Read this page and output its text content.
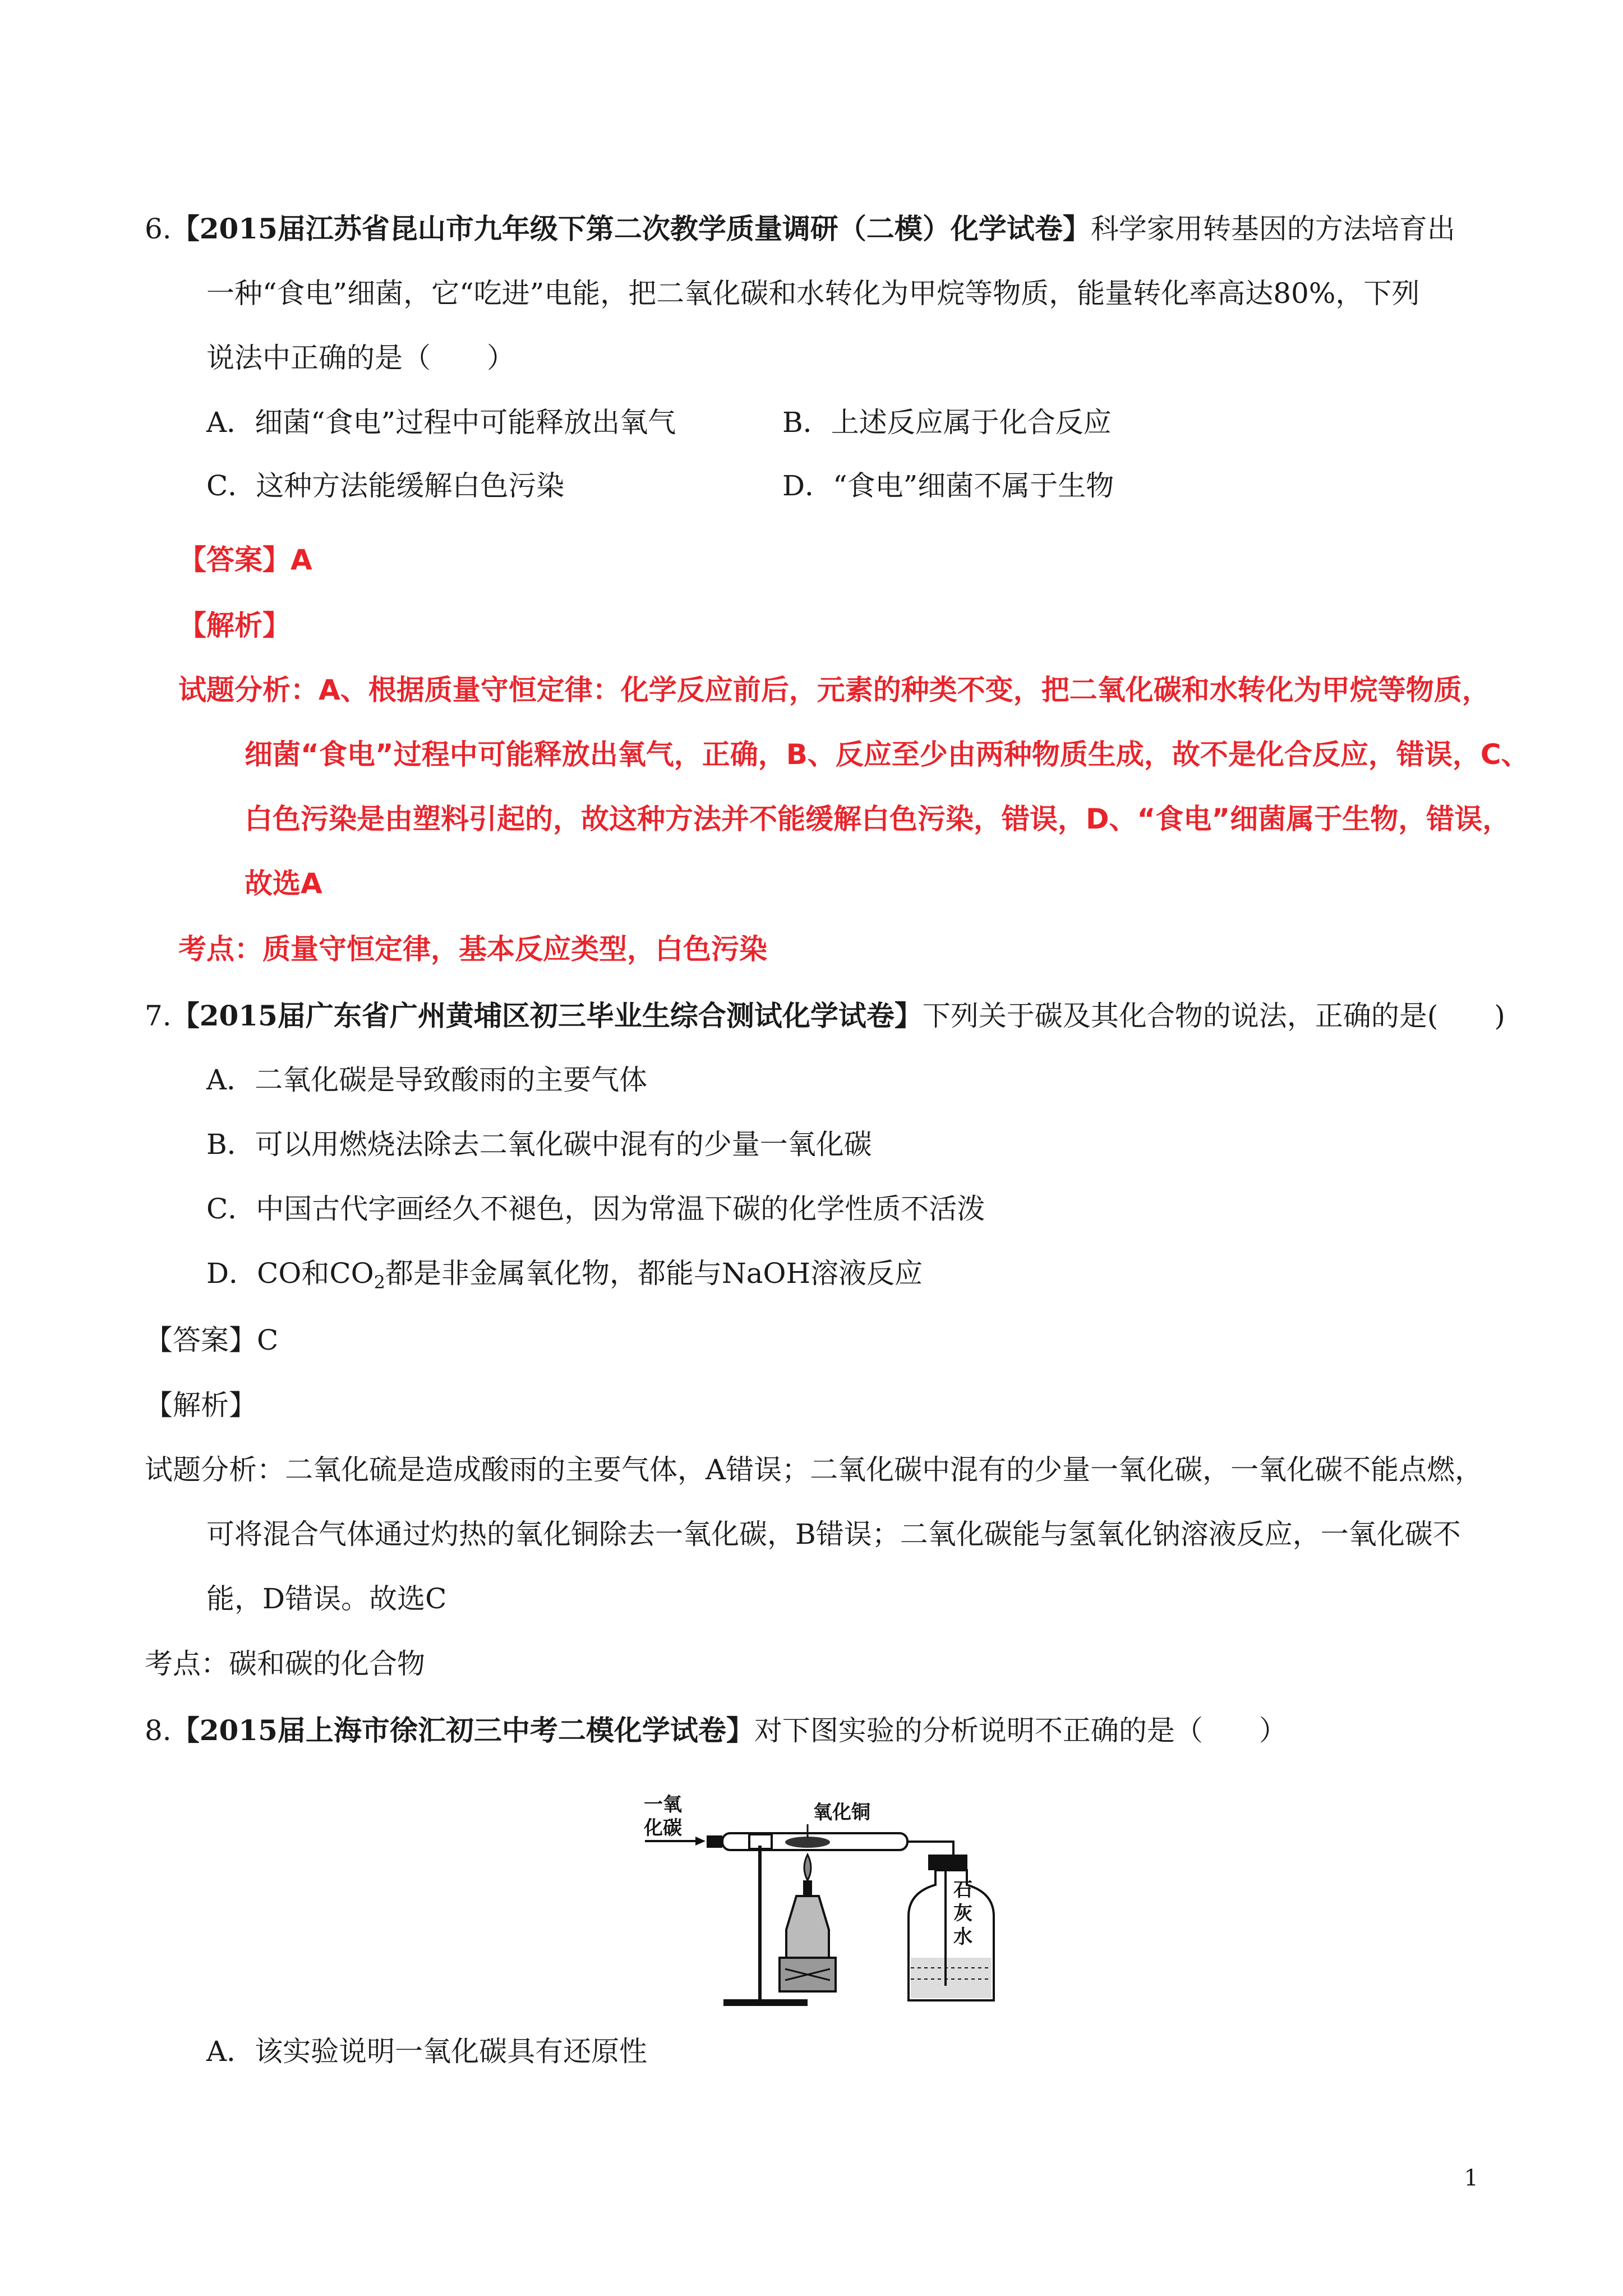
6.【2015届江苏省昆山市九年级下第二次教学质量调研（二模）化学试卷】科学家用转基因的方法培育出
一种“食电”细菌，它“吃进”电能，把二氧化碳和水转化为甲烷等物质，能量转化率高达80%，下列
说法中正确的是（　　）
A．细菌“食电”过程中可能释放出氧气	B．上述反应属于化合反应
C．这种方法能缓解白色污染	D．“食电”细菌不属于生物
【答案】A
【解析】
试题分析：A、根据质量守恒定律：化学反应前后，元素的种类不变，把二氧化碳和水转化为甲烷等物质，
细菌“食电”过程中可能释放出氧气，正确，B、反应至少由两种物质生成，故不是化合反应，错误，C、
白色污染是由塑料引起的，故这种方法并不能缓解白色污染，错误，D、“食电”细菌属于生物，错误，
故选A
考点：质量守恒定律，基本反应类型，白色污染
7.【2015届广东省广州黄埔区初三毕业生综合测试化学试卷】下列关于碳及其化合物的说法，正确的是(　　)
A．二氧化碳是导致酸雨的主要气体
B．可以用燃烧法除去二氧化碳中混有的少量一氧化碳
C．中国古代字画经久不褪色，因为常温下碳的化学性质不活泼
D．CO和$CO_2$都是非金属氧化物，都能与NaOH溶液反应
【答案】C
【解析】
试题分析：二氧化硫是造成酸雨的主要气体，A错误；二氧化碳中混有的少量一氧化碳，一氧化碳不能点燃，
可将混合气体通过灼热的氧化铜除去一氧化碳，B错误；二氧化碳能与氢氧化钠溶液反应，一氧化碳不
能，D错误。故选C
考点：碳和碳的化合物
8.【2015届上海市徐汇初三中考二模化学试卷】对下图实验的分析说明不正确的是（　　）
一氧
化碳
氧化铜
石
灰
水
A．该实验说明一氧化碳具有还原性
1
